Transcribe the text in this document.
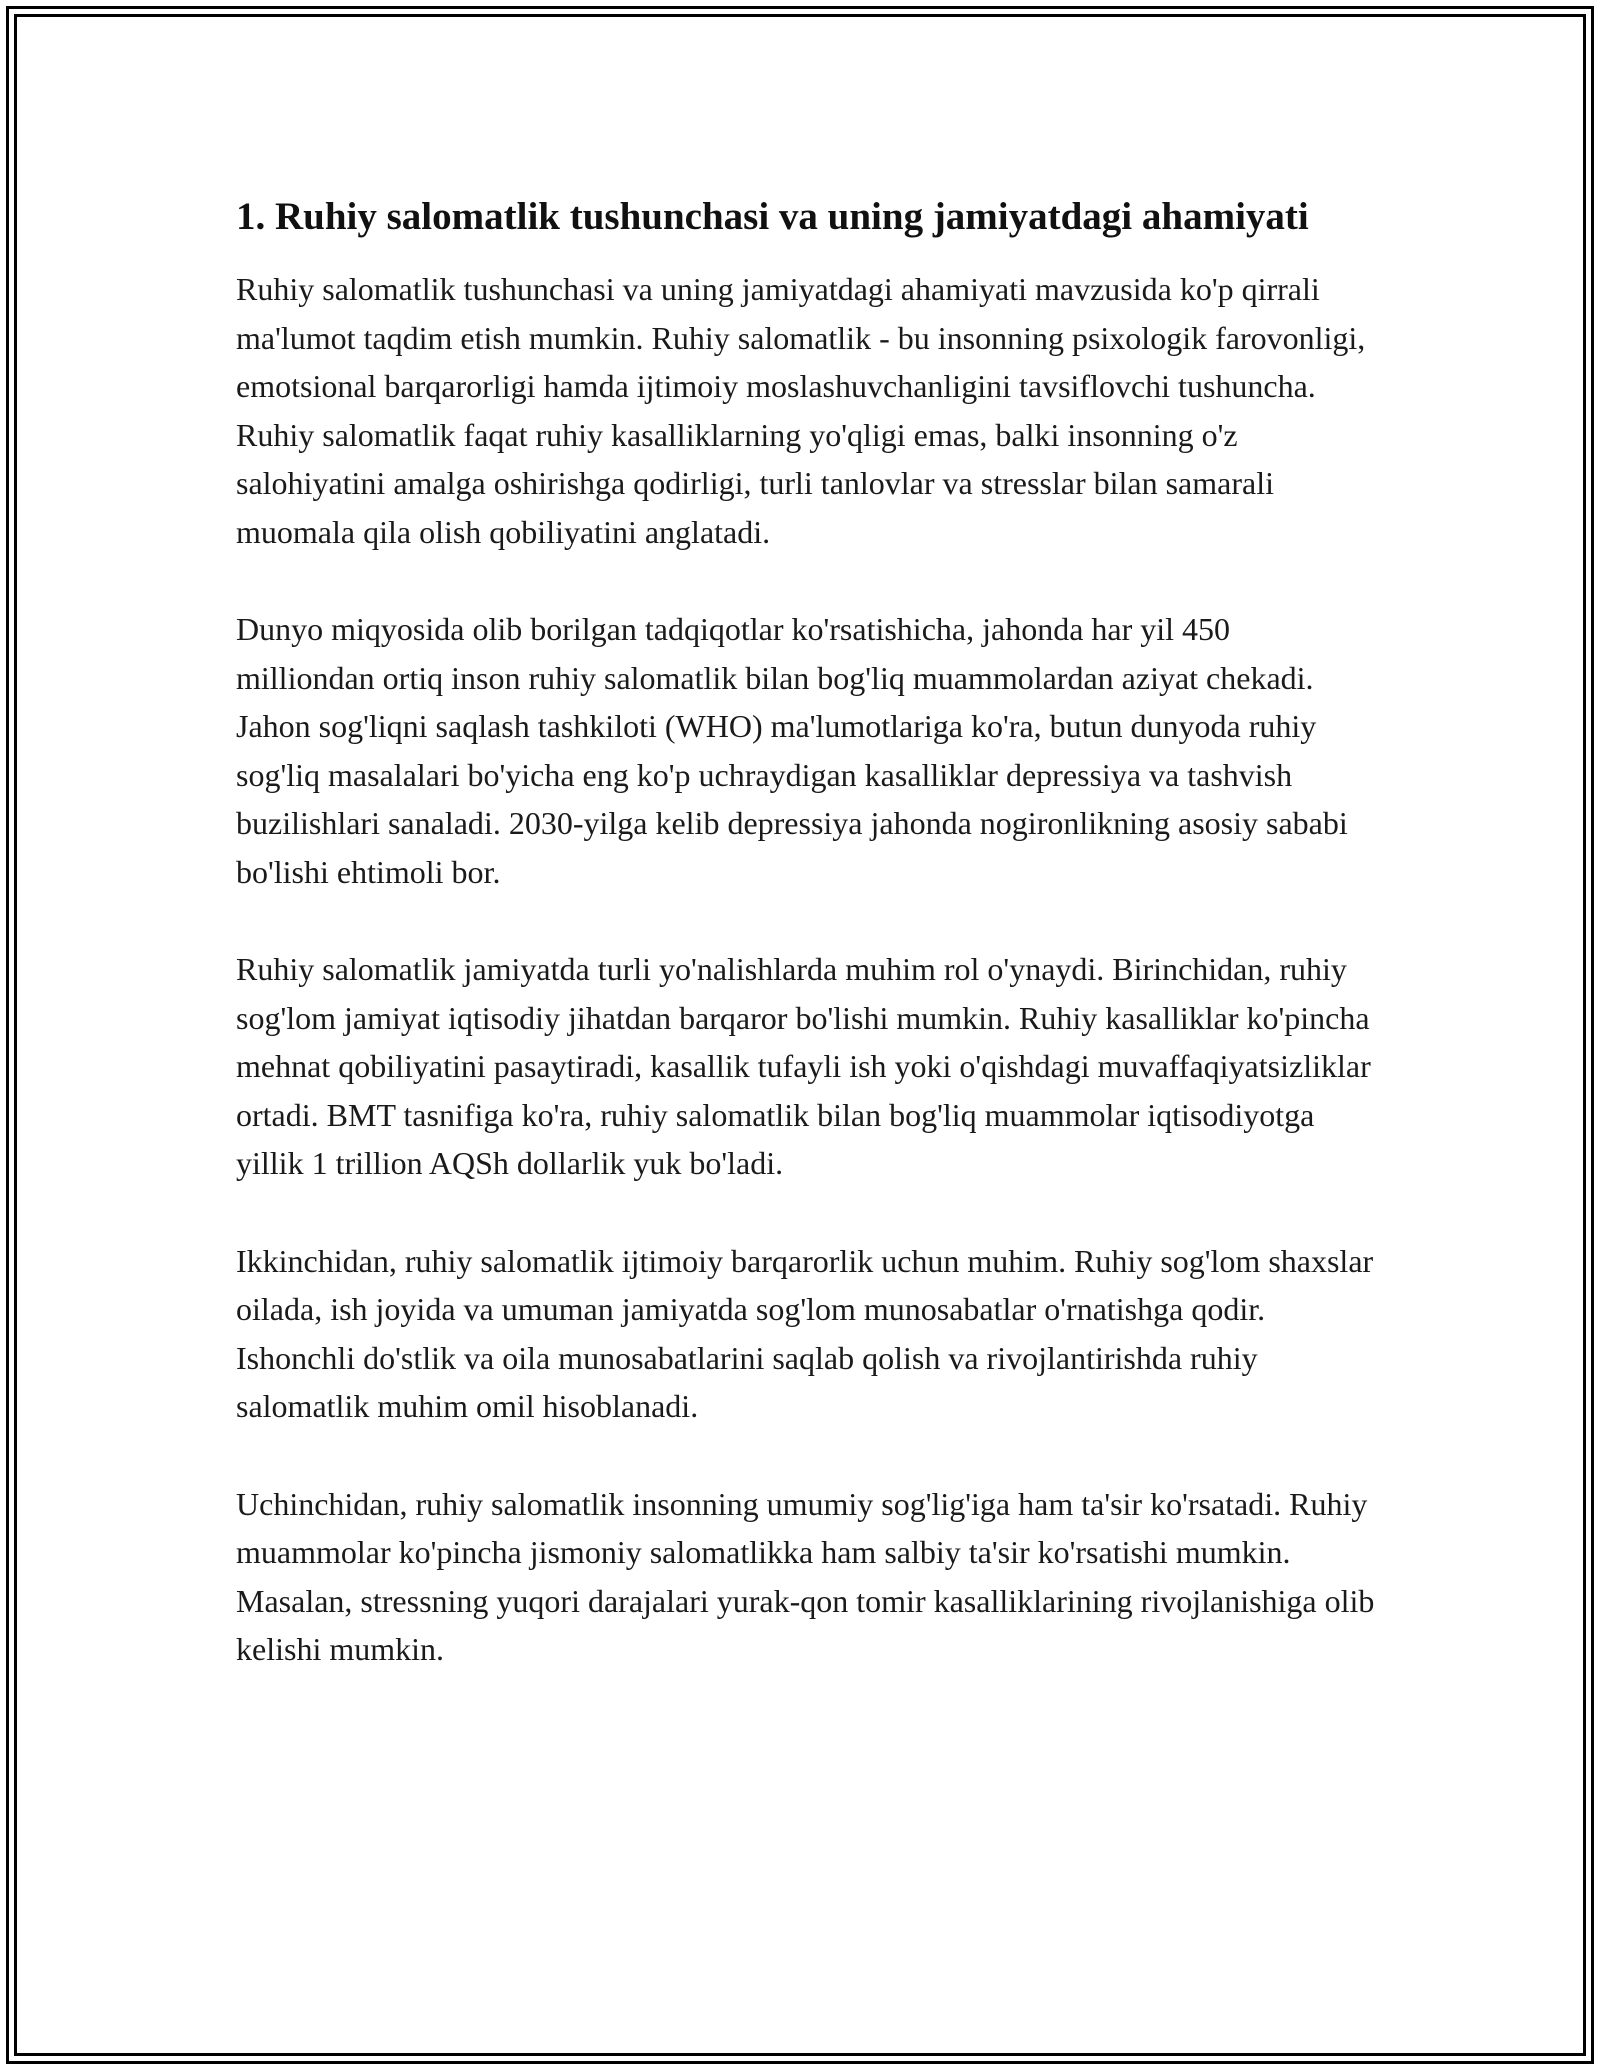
1. Ruhiy salomatlik tushunchasi va uning jamiyatdagi ahamiyati

Ruhiy salomatlik tushunchasi va uning jamiyatdagi ahamiyati mavzusida ko'p qirrali ma'lumot taqdim etish mumkin. Ruhiy salomatlik - bu insonning psixologik farovonligi, emotsional barqarorligi hamda ijtimoiy moslashuvchanligini tavsiflovchi tushuncha. Ruhiy salomatlik faqat ruhiy kasalliklarning yo'qligi emas, balki insonning o'z salohiyatini amalga oshirishga qodirligi, turli tanlovlar va stresslar bilan samarali muomala qila olish qobiliyatini anglatadi.

Dunyo miqyosida olib borilgan tadqiqotlar ko'rsatishicha, jahonda har yil 450 milliondan ortiq inson ruhiy salomatlik bilan bog'liq muammolardan aziyat chekadi. Jahon sog'liqni saqlash tashkiloti (WHO) ma'lumotlariga ko'ra, butun dunyoda ruhiy sog'liq masalalari bo'yicha eng ko'p uchraydigan kasalliklar depressiya va tashvish buzilishlari sanaladi. 2030-yilga kelib depressiya jahonda nogironlikning asosiy sababi bo'lishi ehtimoli bor.

Ruhiy salomatlik jamiyatda turli yo'nalishlarda muhim rol o'ynaydi. Birinchidan, ruhiy sog'lom jamiyat iqtisodiy jihatdan barqaror bo'lishi mumkin. Ruhiy kasalliklar ko'pincha mehnat qobiliyatini pasaytiradi, kasallik tufayli ish yoki o'qishdagi muvaffaqiyatsizliklar ortadi. BMT tasnifiga ko'ra, ruhiy salomatlik bilan bog'liq muammolar iqtisodiyotga yillik 1 trillion AQSh dollarlik yuk bo'ladi.

Ikkinchidan, ruhiy salomatlik ijtimoiy barqarorlik uchun muhim. Ruhiy sog'lom shaxslar oilada, ish joyida va umuman jamiyatda sog'lom munosabatlar o'rnatishga qodir. Ishonchli do'stlik va oila munosabatlarini saqlab qolish va rivojlantirishda ruhiy salomatlik muhim omil hisoblanadi.

Uchinchidan, ruhiy salomatlik insonning umumiy sog'lig'iga ham ta'sir ko'rsatadi. Ruhiy muammolar ko'pincha jismoniy salomatlikka ham salbiy ta'sir ko'rsatishi mumkin. Masalan, stressning yuqori darajalari yurak-qon tomir kasalliklarining rivojlanishiga olib kelishi mumkin.
